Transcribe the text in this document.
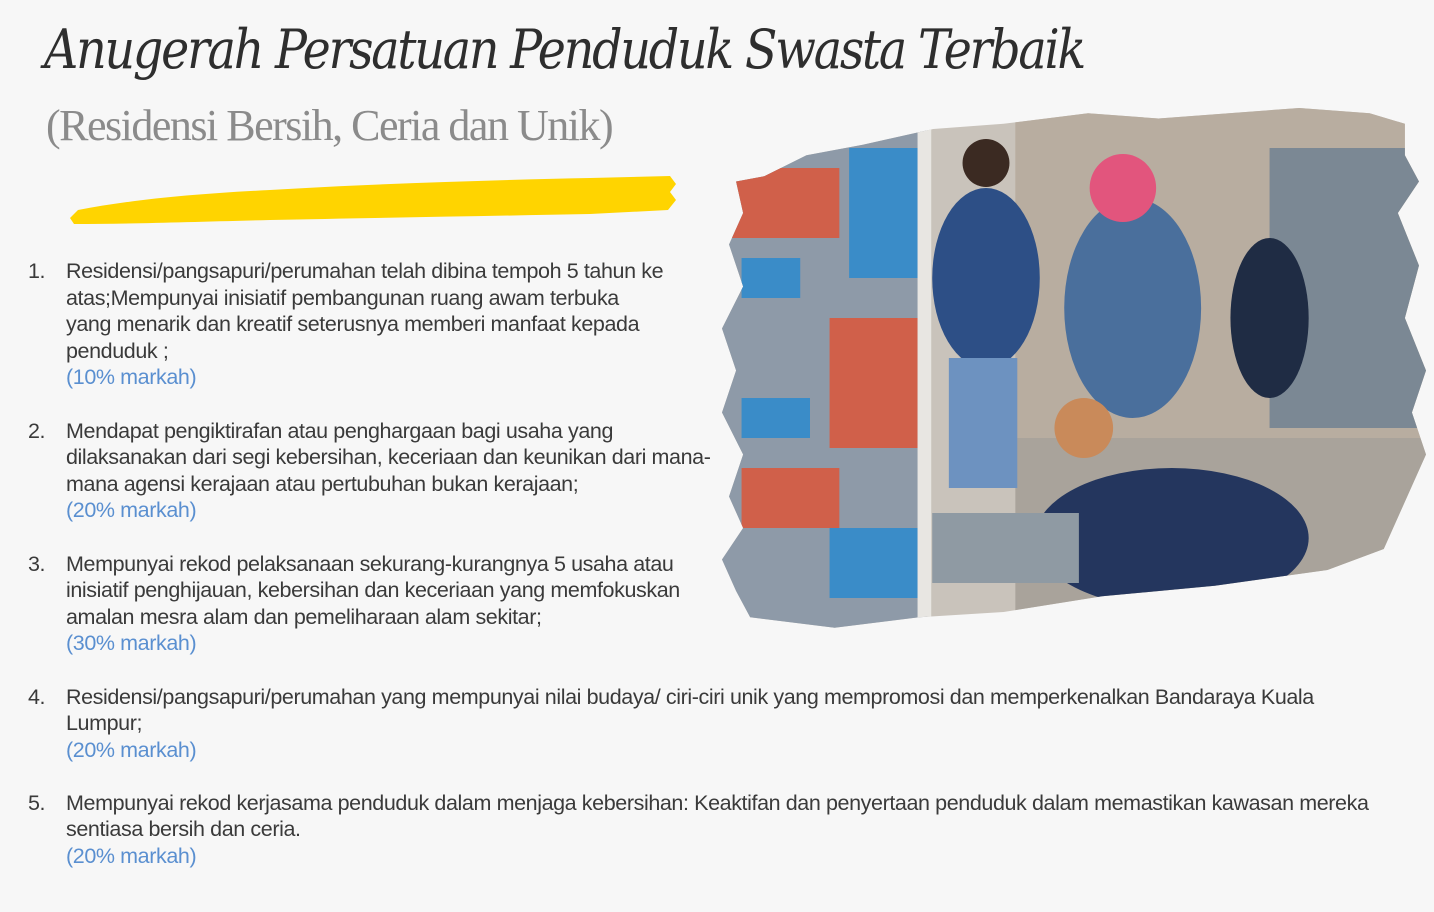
Anugerah Persatuan Penduduk Swasta Terbaik
(Residensi Bersih, Ceria dan Unik)
1. Residensi/pangsapuri/perumahan telah dibina tempoh 5 tahun ke atas;Mempunyai inisiatif pembangunan ruang awam terbuka yang menarik dan kreatif seterusnya memberi manfaat kepada penduduk ;
(10% markah)
2. Mendapat pengiktirafan atau penghargaan bagi usaha yang dilaksanakan dari segi kebersihan, keceriaan dan keunikan dari mana-mana agensi kerajaan atau pertubuhan bukan kerajaan;
(20% markah)
3. Mempunyai rekod pelaksanaan sekurang-kurangnya 5 usaha atau inisiatif penghijauan, kebersihan dan keceriaan yang memfokuskan amalan mesra alam dan pemeliharaan alam sekitar;
(30% markah)
4. Residensi/pangsapuri/perumahan yang mempunyai nilai budaya/ ciri-ciri unik yang mempromosi dan memperkenalkan Bandaraya Kuala Lumpur;
(20% markah)
5. Mempunyai rekod kerjasama penduduk dalam menjaga kebersihan: Keaktifan dan penyertaan penduduk dalam memastikan kawasan mereka sentiasa bersih dan ceria.
(20% markah)
